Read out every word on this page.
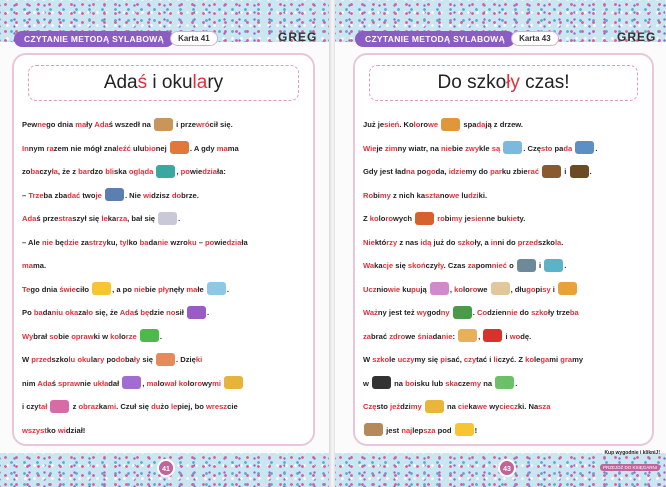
CZYTANIE METODĄ SYLABOWĄ	Karta 41	GREG
Adaś i okulary
Pewnego dnia mały Adaś wszedł na	i przewrócił się.
Innym razem nie mógł znaleźć ulubionej	. A gdy mama
zobaczyła, że z bardzo bliska ogląda	, powiedziała:
– Trzeba zbadać twoje	. Nie widzisz dobrze.
Adaś przestraszył się lekarza, bał się	.
– Ale nie będzie zastrzyku, tylko badanie wzroku – powiedziała
mama.
Tego dnia świeciło	, a po niebie płynęły małe	.
Po badaniu okazało się, że Adaś będzie nosił	.
Wybrał sobie oprawki w kolorze	.
W przedszkolu okulary podobały się	. Dzięki
nim Adaś sprawnie układał	, malował kolorowymi
i czytał	z obrazkami. Czuł się dużo lepiej, bo wreszcie
wszystko widział!
41
CZYTANIE METODĄ SYLABOWĄ	Karta 43	GREG
Do szkoły czas!
Już jesień. Kolorowe	spadają z drzew.
Wieje zimny wiatr, na niebie zwykle są	. Często pada	.
Gdy jest ładna pogoda, idziemy do parku zbierać	i	.
Robimy z nich kasztanowe ludziki.
Z kolorowych	robimy jesienne bukiety.
Niektórzy z nas idą już do szkoły, a inni do przedszkola.
Wakacje się skończyły. Czas zapomnieć o	i	.
Uczniowie kupują	, kolorowe	, długopisy i
Ważny jest też wygodny	. Codziennie do szkoły trzeba
zabrać zdrowe śniadanie:	,	i wodę.
W szkole uczymy się pisać, czytać i liczyć. Z kolegami gramy
w	na boisku lub skaczemy na	.
Często jeździmy	na ciekawe wycieczki. Nasza
jest najlepsza pod	!
43
Kup wygodnie i klikniJ!
PRZEJDŹ DO KSIĘGARNI
